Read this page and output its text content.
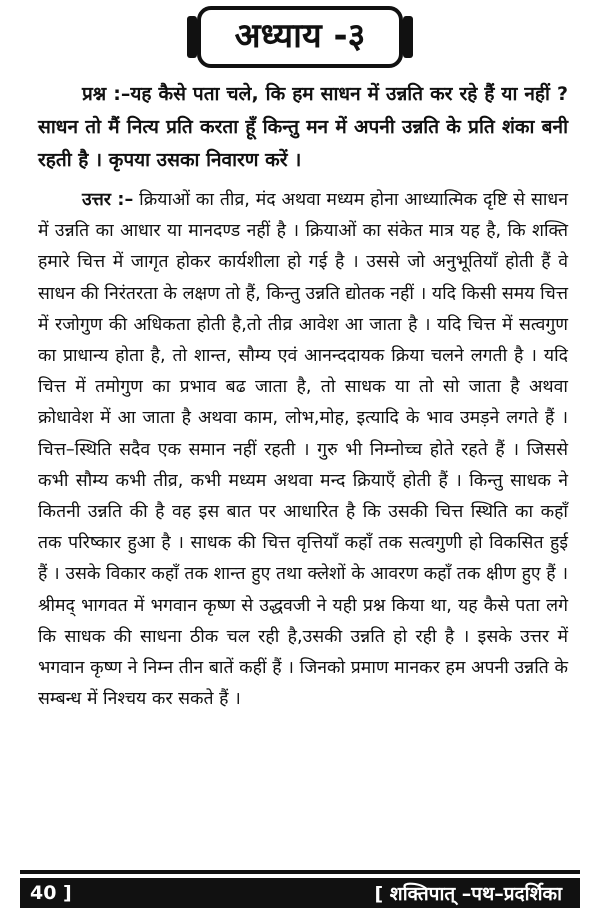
अध्याय -३
प्रश्न :–यह कैसे पता चले, कि हम साधन में उन्नति कर रहे हैं या नहीं ? साधन तो मैं नित्य प्रति करता हूँ किन्तु मन में अपनी उन्नति के प्रति शंका बनी रहती है । कृपया उसका निवारण करें ।
उत्तर :– क्रियाओं का तीव्र, मंद अथवा मध्यम होना आध्यात्मिक दृष्टि से साधन में उन्नति का आधार या मानदण्ड नहीं है । क्रियाओं का संकेत मात्र यह है, कि शक्ति हमारे चित्त में जागृत होकर कार्यशीला हो गई है । उससे जो अनुभूतियाँ होती हैं वे साधन की निरंतरता के लक्षण तो हैं, किन्तु उन्नति द्योतक नहीं । यदि किसी समय चित्त में रजोगुण की अधिकता होती है,तो तीव्र आवेश आ जाता है । यदि चित्त में सत्वगुण का प्राधान्य होता है, तो शान्त, सौम्य एवं आनन्ददायक क्रिया चलने लगती है । यदि चित्त में तमोगुण का प्रभाव बढ जाता है, तो साधक या तो सो जाता है अथवा क्रोधावेश में आ जाता है अथवा काम, लोभ,मोह, इत्यादि के भाव उमड़ने लगते हैं । चित्त–स्थिति सदैव एक समान नहीं रहती । गुरु भी निम्नोच्च होते रहते हैं । जिससे कभी सौम्य कभी तीव्र, कभी मध्यम अथवा मन्द क्रियाएँ होती हैं । किन्तु साधक ने कितनी उन्नति की है वह इस बात पर आधारित है कि उसकी चित्त स्थिति का कहाँ तक परिष्कार हुआ है । साधक की चित्त वृत्तियाँ कहाँ तक सत्वगुणी हो विकसित हुई हैं । उसके विकार कहाँ तक शान्त हुए तथा क्लेशों के आवरण कहाँ तक क्षीण हुए हैं । श्रीमद् भागवत में भगवान कृष्ण से उद्धवजी ने यही प्रश्न किया था, यह कैसे पता लगे कि साधक की साधना ठीक चल रही है,उसकी उन्नति हो रही है । इसके उत्तर में भगवान कृष्ण ने निम्न तीन बातें कहीं हैं । जिनको प्रमाण मानकर हम अपनी उन्नति के सम्बन्ध में निश्चय कर सकते हैं ।
40 ]	[ शक्तिपात् –पथ–प्रदर्शिका
